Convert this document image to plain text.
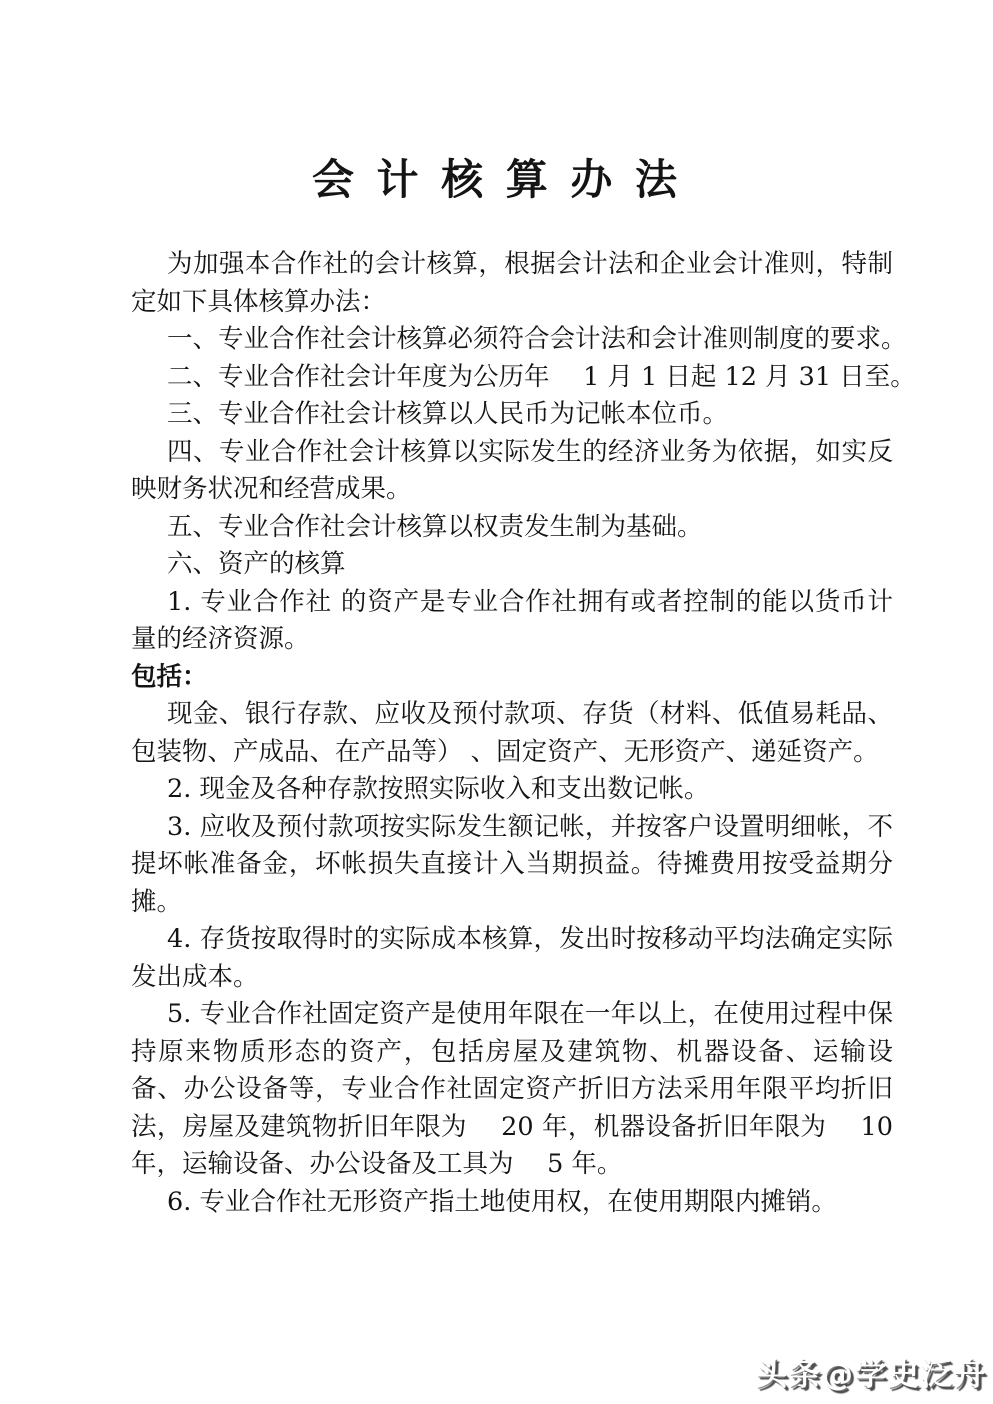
会 计 核 算 办 法

为加强本合作社的会计核算，根据会计法和企业会计准则，特制定如下具体核算办法：

一、专业合作社会计核算必须符合会计法和会计准则制度的要求。

二、专业合作社会计年度为公历年　 1 月 1 日起 12 月 31 日至。

三、专业合作社会计核算以人民币为记帐本位币。

四、专业合作社会计核算以实际发生的经济业务为依据，如实反映财务状况和经营成果。

五、专业合作社会计核算以权责发生制为基础。

六、资产的核算

1. 专业合作社 的资产是专业合作社拥有或者控制的能以货币计量的经济资源。

包括：

现金、银行存款、应收及预付款项、存货（材料、低值易耗品、包装物、产成品、在产品等） 、固定资产、无形资产、递延资产。

2. 现金及各种存款按照实际收入和支出数记帐。

3. 应收及预付款项按实际发生额记帐，并按客户设置明细帐，不提坏帐准备金，坏帐损失直接计入当期损益。待摊费用按受益期分摊。

4. 存货按取得时的实际成本核算，发出时按移动平均法确定实际发出成本。

5. 专业合作社固定资产是使用年限在一年以上，在使用过程中保持原来物质形态的资产，包括房屋及建筑物、机器设备、运输设备、办公设备等，专业合作社固定资产折旧方法采用年限平均折旧法，房屋及建筑物折旧年限为　 20 年，机器设备折旧年限为　 10 年，运输设备、办公设备及工具为　 5 年。

6. 专业合作社无形资产指土地使用权，在使用期限内摊销。

头条@学史泛舟
